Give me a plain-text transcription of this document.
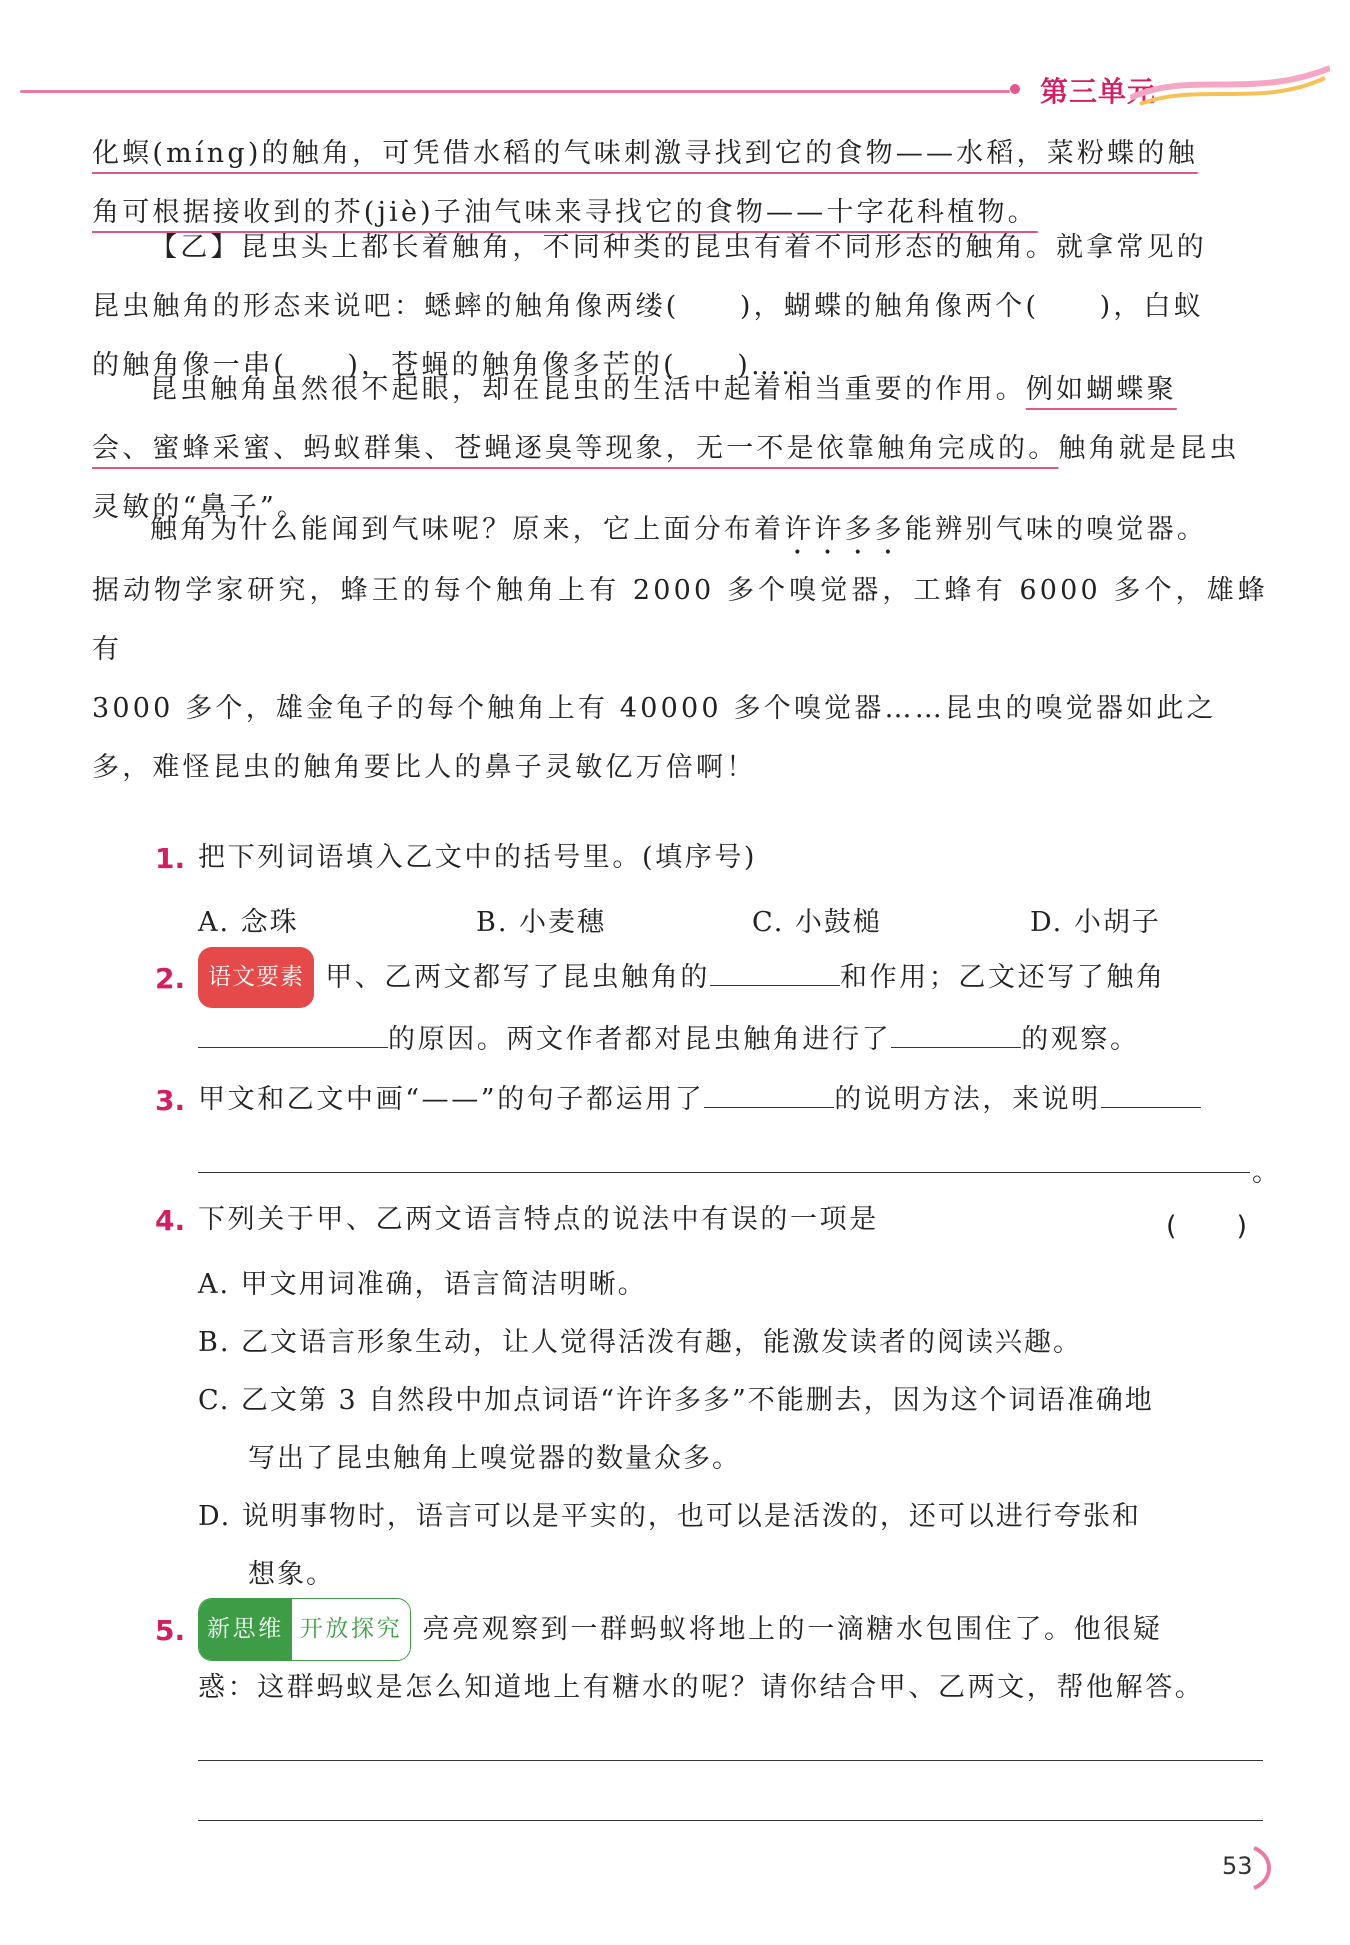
第三单元
化螟(míng)的触角，可凭借水稻的气味刺激寻找到它的食物——水稻，菜粉蝶的触
角可根据接收到的芥(jiè)子油气味来寻找它的食物——十字花科植物。
【乙】昆虫头上都长着触角，不同种类的昆虫有着不同形态的触角。就拿常见的
昆虫触角的形态来说吧：蟋蟀的触角像两缕(　　)，蝴蝶的触角像两个(　　)，白蚁
的触角像一串(　　)，苍蝇的触角像多芒的(　　)……
昆虫触角虽然很不起眼，却在昆虫的生活中起着相当重要的作用。例如蝴蝶聚
会、蜜蜂采蜜、蚂蚁群集、苍蝇逐臭等现象，无一不是依靠触角完成的。触角就是昆虫
灵敏的“鼻子”。
触角为什么能闻到气味呢？原来，它上面分布着许许多多能辨别气味的嗅觉器。
据动物学家研究，蜂王的每个触角上有 2000 多个嗅觉器，工蜂有 6000 多个，雄蜂有
3000 多个，雄金龟子的每个触角上有 40000 多个嗅觉器……昆虫的嗅觉器如此之
多，难怪昆虫的触角要比人的鼻子灵敏亿万倍啊！
1. 把下列词语填入乙文中的括号里。(填序号)
A. 念珠	B. 小麦穗	C. 小鼓槌	D. 小胡子
2. 语文要素 甲、乙两文都写了昆虫触角的	和作用；乙文还写了触角
的原因。两文作者都对昆虫触角进行了	的观察。
3. 甲文和乙文中画“——”的句子都运用了	的说明方法，来说明
。
4. 下列关于甲、乙两文语言特点的说法中有误的一项是	(　　)
A. 甲文用词准确，语言简洁明晰。
B. 乙文语言形象生动，让人觉得活泼有趣，能激发读者的阅读兴趣。
C. 乙文第 3 自然段中加点词语“许许多多”不能删去，因为这个词语准确地
写出了昆虫触角上嗅觉器的数量众多。
D. 说明事物时，语言可以是平实的，也可以是活泼的，还可以进行夸张和
想象。
5. 新思维 开放探究 亮亮观察到一群蚂蚁将地上的一滴糖水包围住了。他很疑
惑：这群蚂蚁是怎么知道地上有糖水的呢？请你结合甲、乙两文，帮他解答。
53
